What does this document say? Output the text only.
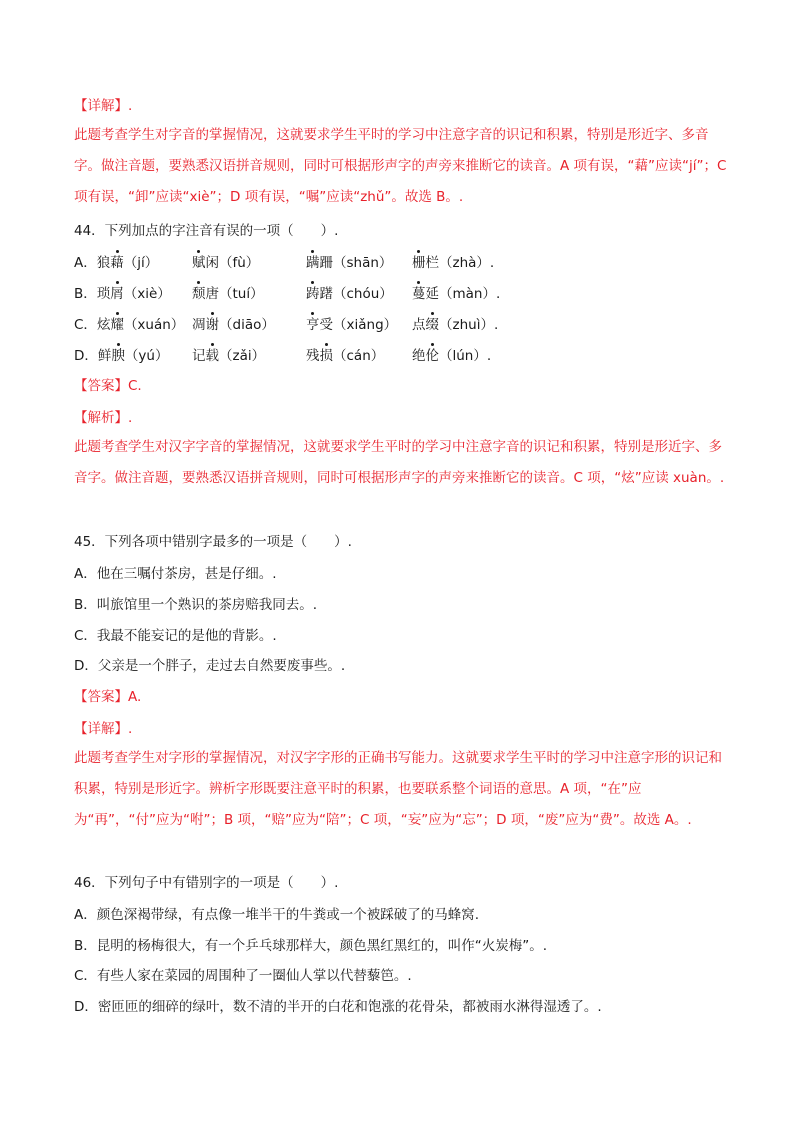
【详解】.
此题考查学生对字音的掌握情况，这就要求学生平时的学习中注意字音的识记和积累，特别是形近字、多音字。做注音题，要熟悉汉语拼音规则，同时可根据形声字的声旁来推断它的读音。A 项有误，“藉”应读“jí”；C 项有误，“卸”应读“xiè”；D 项有误，“嘱”应读“zhǔ”。故选 B。.
44．下列加点的字注音有误的一项（　　）.
A．狼藉（jí） 赋闲（fù）	蹒跚（shān） 栅栏（zhà）.
B．琐屑（xiè） 颓唐（tuí）	踌躇（chóu） 蔓延（màn）.
C．炫耀（xuán） 凋谢（diāo） 亨受（xiǎng） 点缀（zhuì）.
D．鲜腴（yú） 记载（zǎi）	残损（cán） 绝伦（lún）.
【答案】C.
【解析】.
此题考查学生对汉字字音的掌握情况，这就要求学生平时的学习中注意字音的识记和积累，特别是形近字、多音字。做注音题，要熟悉汉语拼音规则，同时可根据形声字的声旁来推断它的读音。C 项，“炫”应读 xuàn。.
45．下列各项中错别字最多的一项是（　　）.
A．他在三嘱付茶房，甚是仔细。.
B．叫旅馆里一个熟识的茶房赔我同去。.
C．我最不能妄记的是他的背影。.
D．父亲是一个胖子，走过去自然要废事些。.
【答案】A.
【详解】.
此题考查学生对字形的掌握情况，对汉字字形的正确书写能力。这就要求学生平时的学习中注意字形的识记和积累，特别是形近字。辨析字形既要注意平时的积累，也要联系整个词语的意思。A 项，“在”应为“再”，“付”应为“咐”；B 项，“赔”应为“陪”；C 项，“妄”应为“忘”；D 项，“废”应为“费”。故选 A。.
46．下列句子中有错别字的一项是（　　）.
A．颜色深褐带绿，有点像一堆半干的牛粪或一个被踩破了的马蜂窝.
B．昆明的杨梅很大，有一个乒乓球那样大，颜色黑红黑红的，叫作“火炭梅”。.
C．有些人家在菜园的周围种了一圈仙人掌以代替藜笆。.
D．密匝匝的细碎的绿叶，数不清的半开的白花和饱涨的花骨朵，都被雨水淋得湿透了。.
